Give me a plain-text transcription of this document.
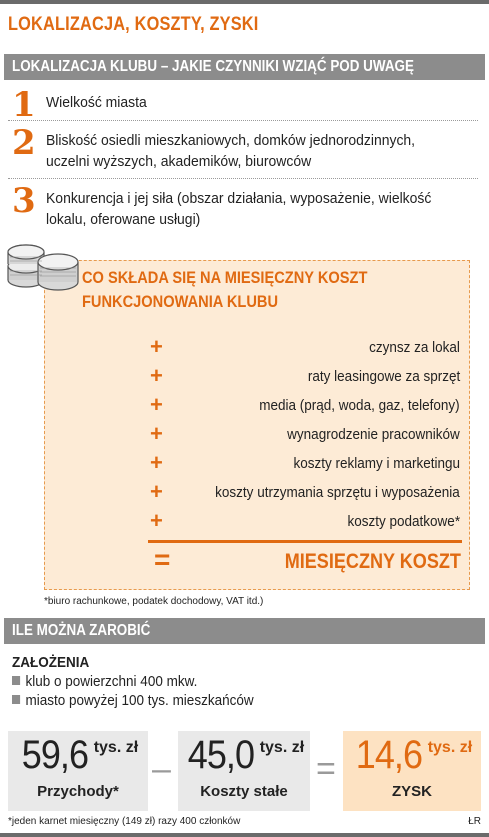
LOKALIZACJA, KOSZTY, ZYSKI
LOKALIZACJA KLUBU – JAKIE CZYNNIKI WZIĄĆ POD UWAGĘ
1 Wielkość miasta
2 Bliskość osiedli mieszkaniowych, domków jednorodzinnych, uczelni wyższych, akademików, biurowców
3 Konkurencja i jej siła (obszar działania, wyposażenie, wielkość lokalu, oferowane usługi)
CO SKŁADA SIĘ NA MIESIĘCZNY KOSZT FUNKCJONOWANIA KLUBU
+	czynsz za lokal
+	raty leasingowe za sprzęt
+	media (prąd, woda, gaz, telefony)
+	wynagrodzenie pracowników
+	koszty reklamy i marketingu
+	koszty utrzymania sprzętu i wyposażenia
+	koszty podatkowe*
=	MIESIĘCZNY KOSZT
*biuro rachunkowe, podatek dochodowy, VAT itd.)
ILE MOŻNA ZAROBIĆ
ZAŁOŻENIA
klub o powierzchni 400 mkw.
miasto powyżej 100 tys. mieszkańców
59,6 tys. zł
Przychody*
– 45,0 tys. zł
Koszty stałe
= 14,6 tys. zł
ZYSK
*jeden karnet miesięczny (149 zł) razy 400 członków	ŁR
